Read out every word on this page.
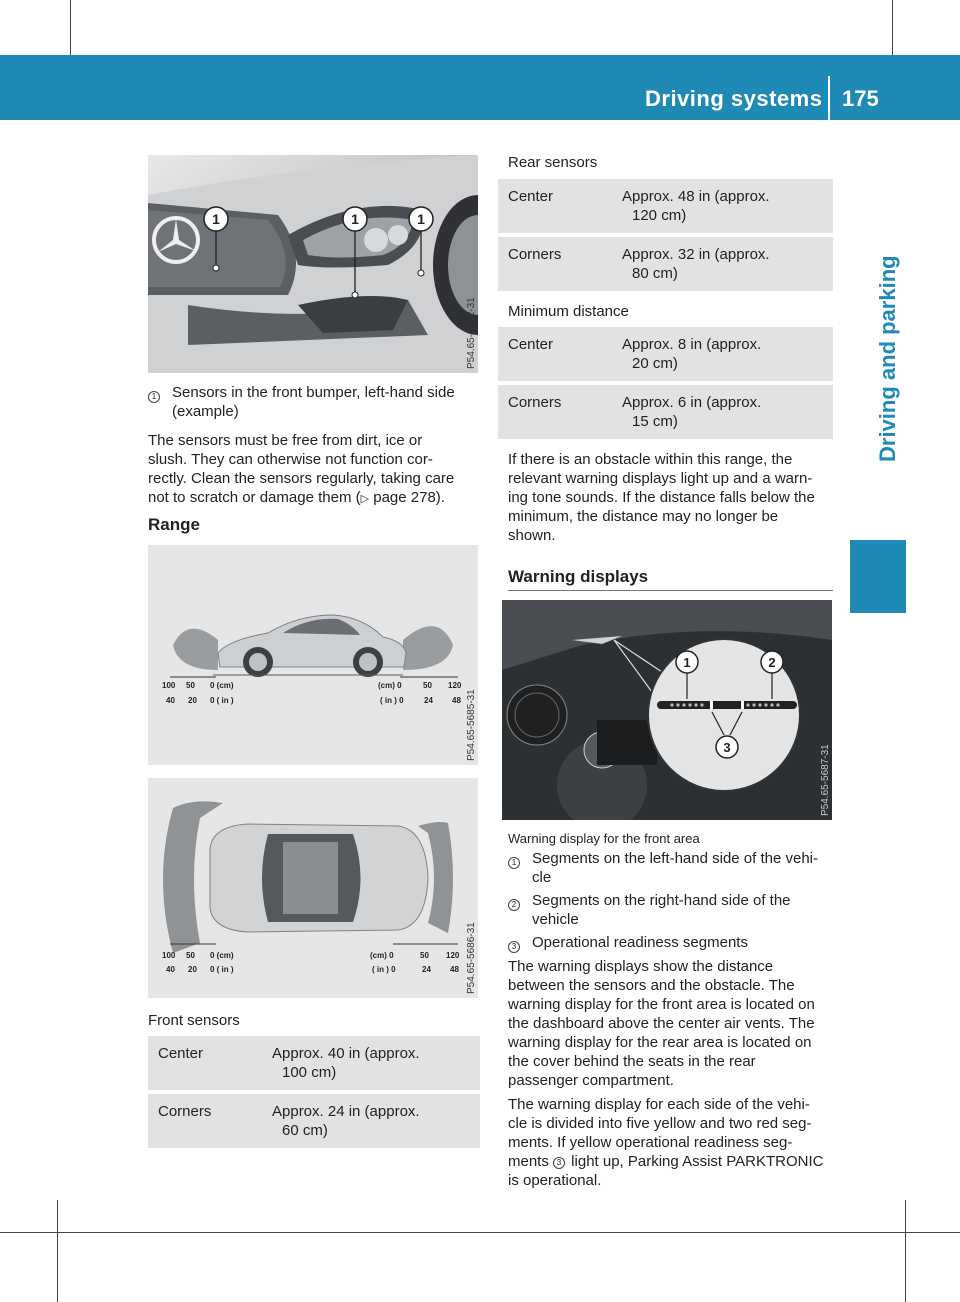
Driving systems 175
Driving and parking
1	1	1
P54.65-5682-31
1	Sensors in the front bumper, left-hand side
(example)
The sensors must be free from dirt, ice or
slush. They can otherwise not function cor-
rectly. Clean the sensors regularly, taking care
not to scratch or damage them (▷ page 278).
Range
100 50 0 (cm)
40 20 0 ( in )
(cm) 0	50 120
( in ) 0	24 48 P54.65-5685-31
100 50 0 (cm)
40 20 0 ( in )
(cm) 0	50 120
( in ) 0	24 48 P54.65-5686-31
Front sensors
Center	Approx. 40 in (approx.
100 cm)

Corners	Approx. 24 in (approx.
60 cm)
Rear sensors
Center	Approx. 48 in (approx.
120 cm)

Corners	Approx. 32 in (approx.
80 cm)
Minimum distance
Center	Approx. 8 in (approx.
20 cm)

Corners	Approx. 6 in (approx.
15 cm)
If there is an obstacle within this range, the
relevant warning displays light up and a warn-
ing tone sounds. If the distance falls below the
minimum, the distance may no longer be
shown.
Warning displays
1	2
3	P54.65-5687-31
Warning display for the front area
1	Segments on the left-hand side of the vehi-
cle
2	Segments on the right-hand side of the
vehicle
3	Operational readiness segments
The warning displays show the distance
between the sensors and the obstacle. The
warning display for the front area is located on
the dashboard above the center air vents. The
warning display for the rear area is located on
the cover behind the seats in the rear
passenger compartment.
The warning display for each side of the vehi-
cle is divided into five yellow and two red seg-
ments. If yellow operational readiness seg-
ments 3 light up, Parking Assist PARKTRONIC
is operational.
